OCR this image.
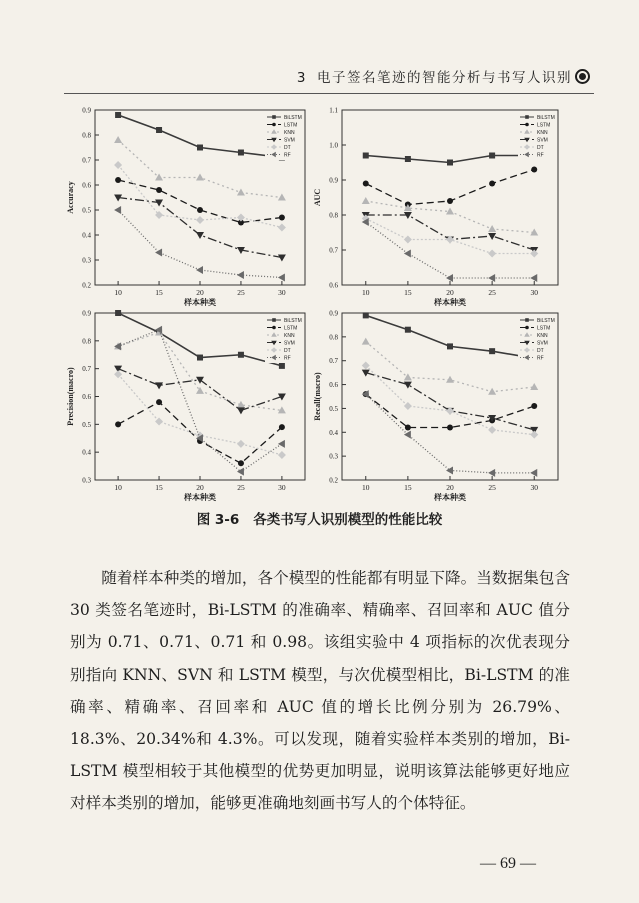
3 电子签名笔迹的智能分析与书写人识别
0.2
0.3
0.4
0.5
0.6
0.7
0.8
0.9
10	15	20	25	30
样本种类
Accuracy
BiLSTM
LSTM
KNN
SVM
DT
RF
0.6
0.7
0.8
0.9
1.0
1.1
10	15	20	25	30
样本种类
AUC
BiLSTM
LSTM
KNN
SVM
DT
RF
0.3
0.4
0.5
0.6
0.7
0.8
0.9
10	15	20	25	30
样本种类
Precision(macro)
BiLSTM
LSTM
KNN
SVM
DT
RF
0.2
0.3
0.4
0.5
0.6
0.7
0.8
0.9
10	15	20	25	30
样本种类
Recall(macro)
BiLSTM
LSTM
KNN
SVM
DT
RF
图 3-6 各类书写人识别模型的性能比较

随着样本种类的增加，各个模型的性能都有明显下降。当数据集包含 30 类签名笔迹时，Bi-LSTM 的准确率、精确率、召回率和 AUC 值分别为 0.71、0.71、0.71 和 0.98。该组实验中 4 项指标的次优表现分别指向 KNN、SVN 和 LSTM 模型，与次优模型相比，Bi-LSTM 的准确率、精确率、召回率和 AUC 值的增长比例分别为 26.79%、18.3%、20.34%和 4.3%。可以发现，随着实验样本类别的增加，Bi-LSTM 模型相较于其他模型的优势更加明显，说明该算法能够更好地应对样本类别的增加，能够更准确地刻画书写人的个体特征。

— 69 —
